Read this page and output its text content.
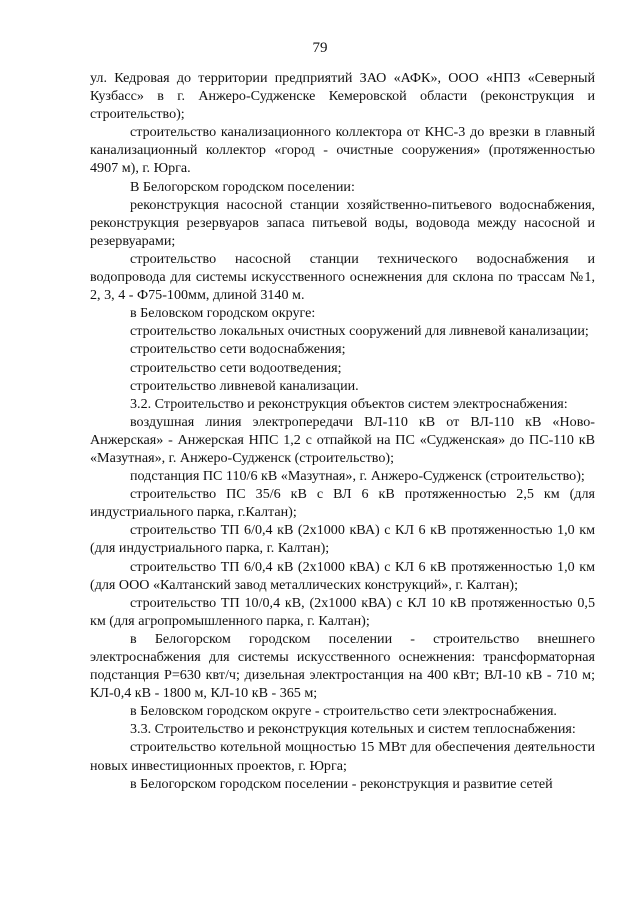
79

ул. Кедровая до территории предприятий ЗАО «АФК», ООО «НПЗ «Северный Кузбасс» в г. Анжеро-Судженске Кемеровской области (реконструкция и строительство);

строительство канализационного коллектора от КНС-3 до врезки в главный канализационный коллектор «город - очистные сооружения» (протяженностью 4907 м), г. Юрга.

В Белогорском городском поселении:

реконструкция насосной станции хозяйственно-питьевого водоснабжения, реконструкция резервуаров запаса питьевой воды, водовода между насосной и резервуарами;

строительство насосной станции технического водоснабжения и водопровода для системы искусственного оснежнения для склона по трассам №1, 2, 3, 4 - Ф75-100мм, длиной 3140 м.

в Беловском городском округе:

строительство локальных очистных сооружений для ливневой канализации;

строительство сети водоснабжения;

строительство сети водоотведения;

строительство ливневой канализации.

3.2. Строительство и реконструкция объектов систем электроснабжения:

воздушная линия электропередачи ВЛ-110 кВ от ВЛ-110 кВ «Ново-Анжерская» - Анжерская НПС 1,2 с отпайкой на ПС «Судженская» до ПС-110 кВ «Мазутная», г. Анжеро-Судженск (строительство);

подстанция ПС 110/6 кВ «Мазутная», г. Анжеро-Судженск (строительство);

строительство ПС 35/6 кВ с ВЛ 6 кВ протяженностью 2,5 км (для индустриального парка, г.Калтан);

строительство ТП 6/0,4 кВ (2х1000 кВА) с КЛ 6 кВ протяженностью 1,0 км (для индустриального парка, г. Калтан);

строительство ТП 6/0,4 кВ (2х1000 кВА) с КЛ 6 кВ протяженностью 1,0 км (для ООО «Калтанский завод металлических конструкций», г. Калтан);

строительство ТП 10/0,4 кВ, (2х1000 кВА) с КЛ 10 кВ протяженностью 0,5 км (для агропромышленного парка, г. Калтан);

в Белогорском городском поселении - строительство внешнего электроснабжения для системы искусственного оснежнения: трансформаторная подстанция Р=630 квт/ч; дизельная электростанция на 400 кВт; ВЛ-10 кВ - 710 м; КЛ-0,4 кВ - 1800 м, КЛ-10 кВ - 365 м;

в Беловском городском округе - строительство сети электроснабжения.

3.3. Строительство и реконструкция котельных и систем теплоснабжения:

строительство котельной мощностью 15 МВт для обеспечения деятельности новых инвестиционных проектов, г. Юрга;

в Белогорском городском поселении - реконструкция и развитие сетей
